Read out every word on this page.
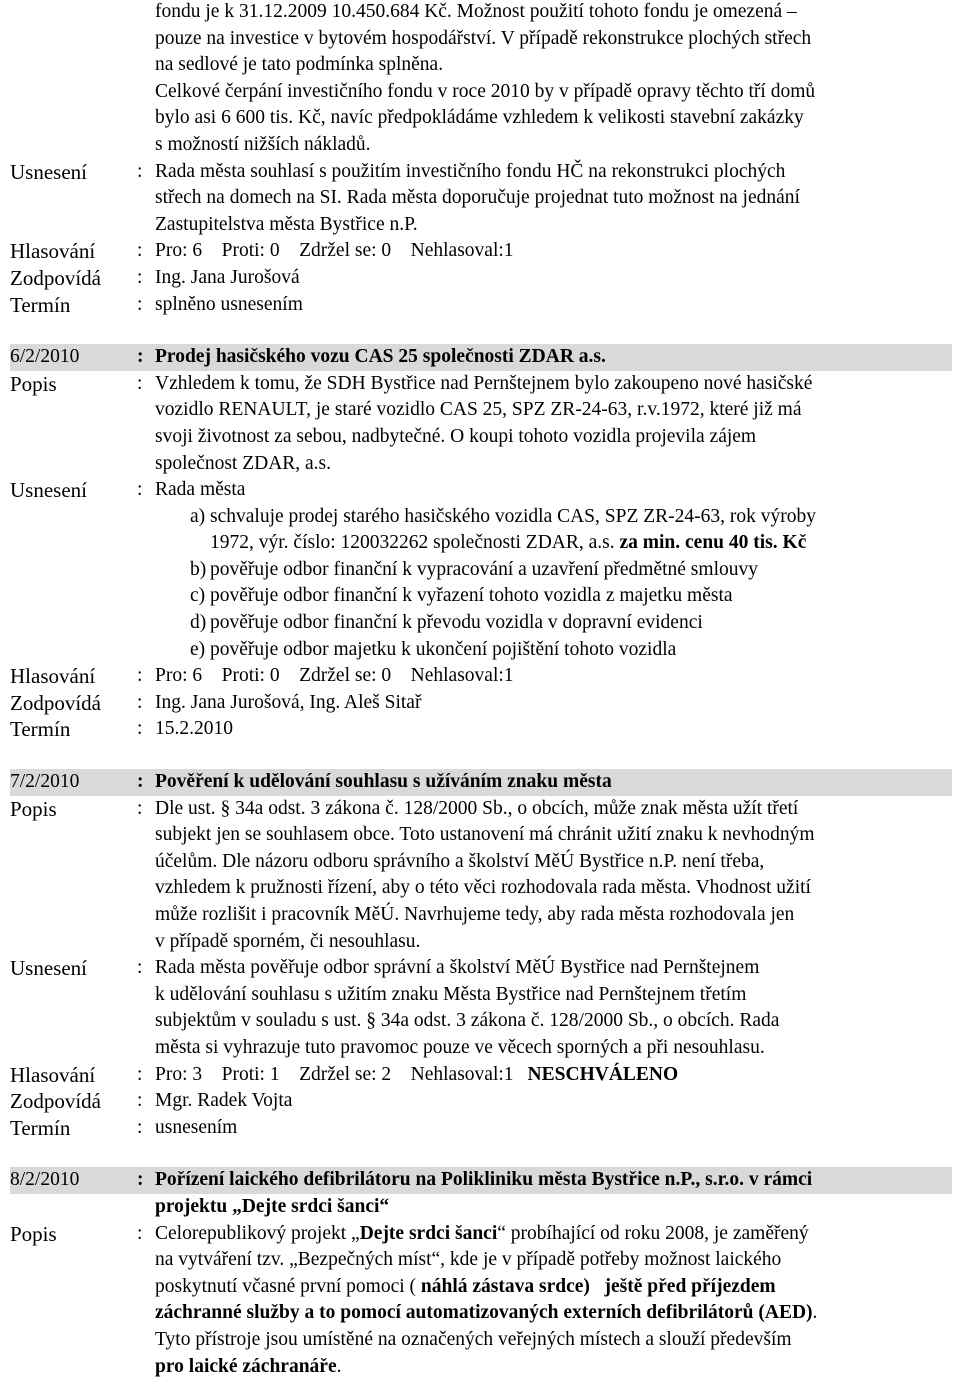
fondu je k 31.12.2009 10.450.684 Kč. Možnost použití tohoto fondu je omezená –
pouze na investice v bytovém hospodářství. V případě rekonstrukce plochých střech
na sedlové je tato podmínka splněna.
Celkové čerpání investičního fondu v roce 2010 by v případě opravy těchto tří domů
bylo asi 6 600 tis. Kč, navíc předpokládáme vzhledem k velikosti stavební zakázky
s možností nižších nákladů.
Usnesení	: Rada města souhlasí s použitím investičního fondu HČ na rekonstrukci plochých
střech na domech na SI. Rada města doporučuje projednat tuto možnost na jednání
Zastupitelstva města Bystřice n.P.
Hlasování	: Pro: 6    Proti: 0    Zdržel se: 0    Nehlasoval:1
Zodpovídá	: Ing. Jana Jurošová
Termín	: splněno usnesením
6/2/2010	: Prodej hasičského vozu CAS 25 společnosti ZDAR a.s.
Popis	: Vzhledem k tomu, že SDH Bystřice nad Pernštejnem bylo zakoupeno nové hasičské
vozidlo RENAULT, je staré vozidlo CAS 25, SPZ ZR-24-63, r.v.1972, které již má
svoji životnost za sebou, nadbytečné. O koupi tohoto vozidla projevila zájem
společnost ZDAR, a.s.
Usnesení	: Rada města
a) schvaluje prodej starého hasičského vozidla CAS, SPZ ZR-24-63, rok výroby
1972, výr. číslo: 120032262 společnosti ZDAR, a.s. za min. cenu 40 tis. Kč
b) pověřuje odbor finanční k vypracování a uzavření předmětné smlouvy
c) pověřuje odbor finanční k vyřazení tohoto vozidla z majetku města
d) pověřuje odbor finanční k převodu vozidla v dopravní evidenci
e) pověřuje odbor majetku k ukončení pojištění tohoto vozidla
Hlasování	: Pro: 6    Proti: 0    Zdržel se: 0    Nehlasoval:1
Zodpovídá	: Ing. Jana Jurošová, Ing. Aleš Sitař
Termín	: 15.2.2010
7/2/2010	: Pověření k udělování souhlasu s užíváním znaku města
Popis	: Dle ust. § 34a odst. 3 zákona č. 128/2000 Sb., o obcích, může znak města užít třetí
subjekt jen se souhlasem obce. Toto ustanovení má chránit užití znaku k nevhodným
účelům. Dle názoru odboru správního a školství MěÚ Bystřice n.P. není třeba,
vzhledem k pružnosti řízení, aby o této věci rozhodovala rada města. Vhodnost užití
může rozlišit i pracovník MěÚ. Navrhujeme tedy, aby rada města rozhodovala jen
v případě sporném, či nesouhlasu.
Usnesení	: Rada města pověřuje odbor správní a školství MěÚ Bystřice nad Pernštejnem
k udělování souhlasu s užitím znaku Města Bystřice nad Pernštejnem třetím
subjektům v souladu s ust. § 34a odst. 3 zákona č. 128/2000 Sb., o obcích. Rada
města si vyhrazuje tuto pravomoc pouze ve věcech sporných a při nesouhlasu.
Hlasování	: Pro: 3    Proti: 1    Zdržel se: 2    Nehlasoval:1 NESCHVÁLENO
Zodpovídá	: Mgr. Radek Vojta
Termín	: usnesením
8/2/2010	: Pořízení laického defibrilátoru na Polikliniku města Bystřice n.P., s.r.o. v rámci
projektu „Dejte srdci šanci“
Popis	: Celorepublikový projekt „Dejte srdci šanci“ probíhající od roku 2008, je zaměřený
na vytváření tzv. „Bezpečných míst“, kde je v případě potřeby možnost laického
poskytnutí včasné první pomoci ( náhlá zástava srdce)   ještě před příjezdem
záchranné služby a to pomocí automatizovaných externích defibrilátorů (AED).
Tyto přístroje jsou umístěné na označených veřejných místech a slouží především
pro laické záchranáře.
